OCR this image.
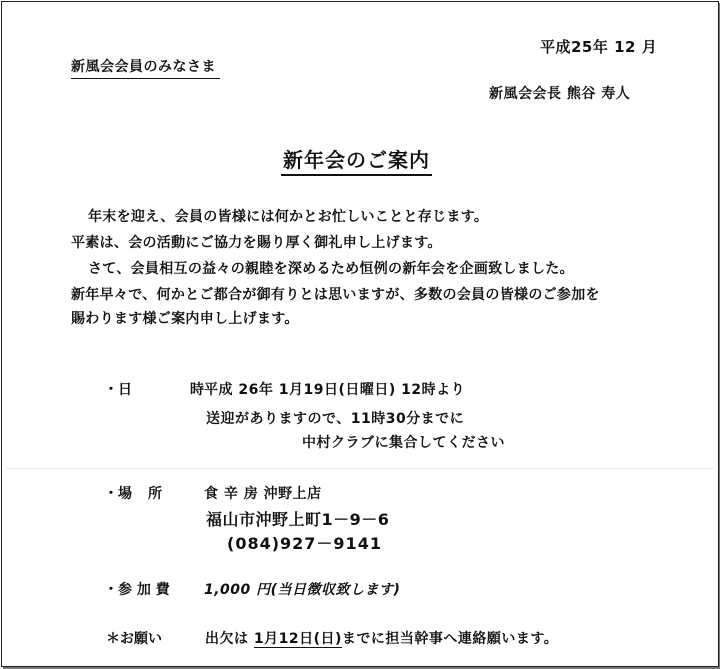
平成25年 12 月
新風会会員のみなさま
新風会会長 熊谷 寿人
新年会のご案内
年末を迎え、会員の皆様には何かとお忙しいことと存じます。
平素は、会の活動にご協力を賜り厚く御礼申し上げます。
さて、会員相互の益々の親睦を深めるため恒例の新年会を企画致しました。
新年早々で、何かとご都合が御有りとは思いますが、多数の会員の皆様のご参加を
賜わります様ご案内申し上げます。
・日	時 平成 26年 1月19日(日曜日) 12時より
送迎がありますので、11時30分までに
中村クラブに集合してください
・場 所	食 辛 房 沖野上店
福山市沖野上町1－9－6
(084)927－9141
・参 加 費 1,000 円(当日徴収致します)
＊お願い	出欠は 1月12日(日)までに担当幹事へ連絡願います。
